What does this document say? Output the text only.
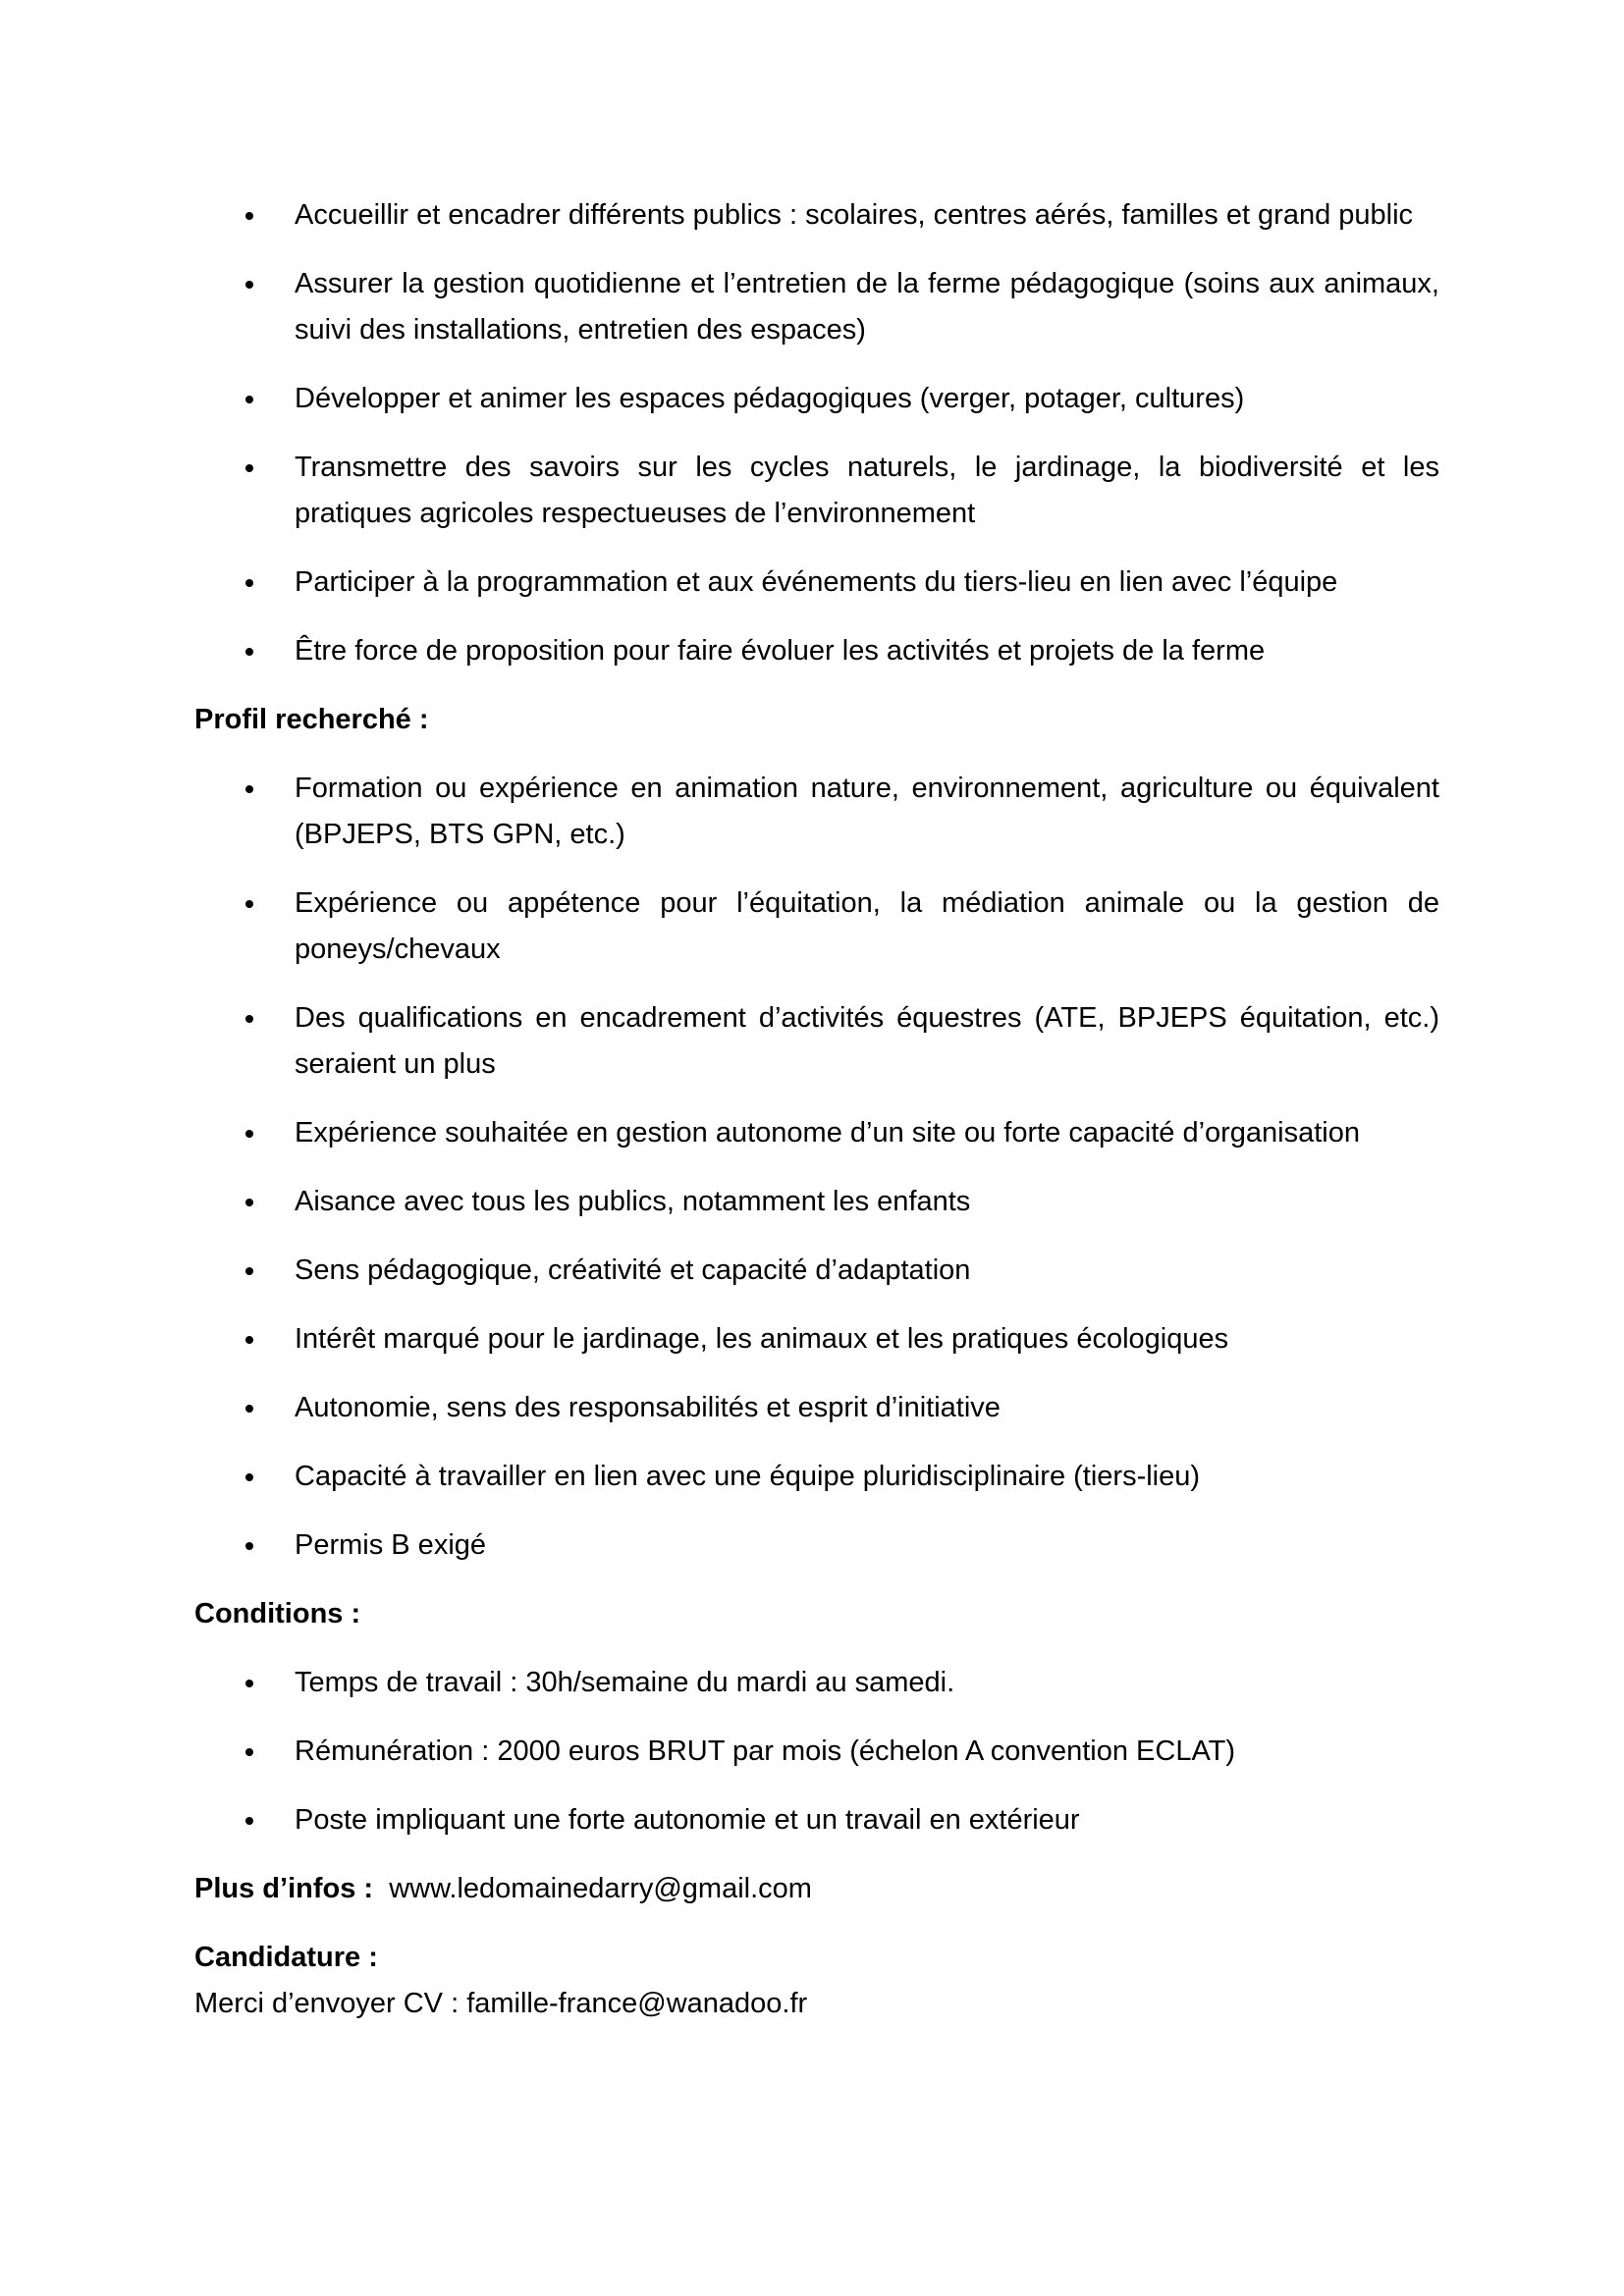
Accueillir et encadrer différents publics : scolaires, centres aérés, familles et grand public
Assurer la gestion quotidienne et l’entretien de la ferme pédagogique (soins aux animaux, suivi des installations, entretien des espaces)
Développer et animer les espaces pédagogiques (verger, potager, cultures)
Transmettre des savoirs sur les cycles naturels, le jardinage, la biodiversité et les pratiques agricoles respectueuses de l’environnement
Participer à la programmation et aux événements du tiers-lieu en lien avec l’équipe
Être force de proposition pour faire évoluer les activités et projets de la ferme

Profil recherché :

Formation ou expérience en animation nature, environnement, agriculture ou équivalent (BPJEPS, BTS GPN, etc.)
Expérience ou appétence pour l’équitation, la médiation animale ou la gestion de poneys/chevaux
Des qualifications en encadrement d’activités équestres (ATE, BPJEPS équitation, etc.) seraient un plus
Expérience souhaitée en gestion autonome d’un site ou forte capacité d’organisation
Aisance avec tous les publics, notamment les enfants
Sens pédagogique, créativité et capacité d’adaptation
Intérêt marqué pour le jardinage, les animaux et les pratiques écologiques
Autonomie, sens des responsabilités et esprit d’initiative
Capacité à travailler en lien avec une équipe pluridisciplinaire (tiers-lieu)
Permis B exigé

Conditions :

Temps de travail : 30h/semaine du mardi au samedi.
Rémunération : 2000 euros BRUT par mois (échelon A convention ECLAT)
Poste impliquant une forte autonomie et un travail en extérieur

Plus d’infos : www.ledomainedarry@gmail.com

Candidature :

Merci d’envoyer CV : famille-france@wanadoo.fr
